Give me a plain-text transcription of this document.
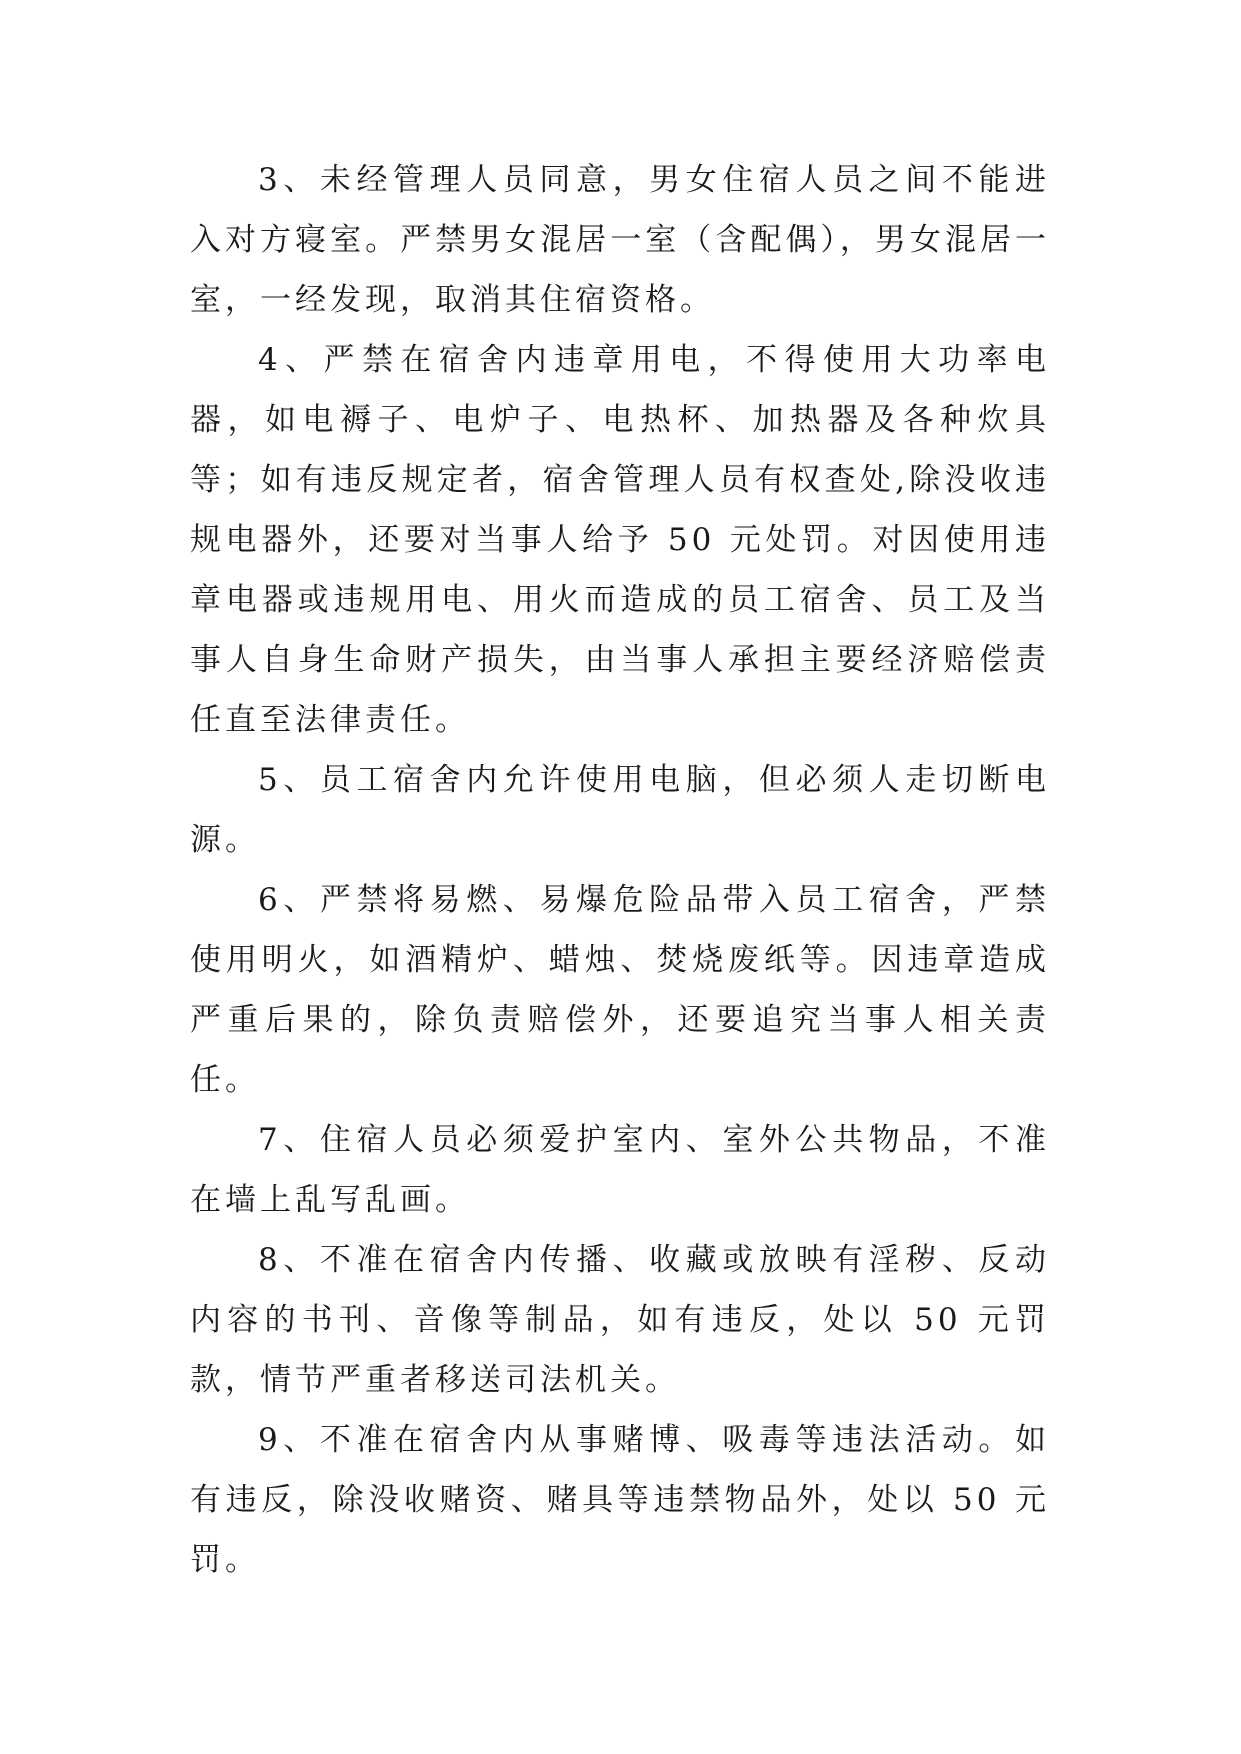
3、未经管理人员同意，男女住宿人员之间不能进入对方寝室。严禁男女混居一室（含配偶），男女混居一室，一经发现，取消其住宿资格。

4、严禁在宿舍内违章用电，不得使用大功率电器，如电褥子、电炉子、电热杯、加热器及各种炊具等；如有违反规定者，宿舍管理人员有权查处,除没收违规电器外，还要对当事人给予 50 元处罚。对因使用违章电器或违规用电、用火而造成的员工宿舍、员工及当事人自身生命财产损失，由当事人承担主要经济赔偿责任直至法律责任。

5、员工宿舍内允许使用电脑，但必须人走切断电源。

6、严禁将易燃、易爆危险品带入员工宿舍，严禁使用明火，如酒精炉、蜡烛、焚烧废纸等。因违章造成严重后果的，除负责赔偿外，还要追究当事人相关责任。

7、住宿人员必须爱护室内、室外公共物品，不准在墙上乱写乱画。

8、不准在宿舍内传播、收藏或放映有淫秽、反动内容的书刊、音像等制品，如有违反，处以 50 元罚款，情节严重者移送司法机关。

9、不准在宿舍内从事赌博、吸毒等违法活动。如有违反，除没收赌资、赌具等违禁物品外，处以 50 元罚。
